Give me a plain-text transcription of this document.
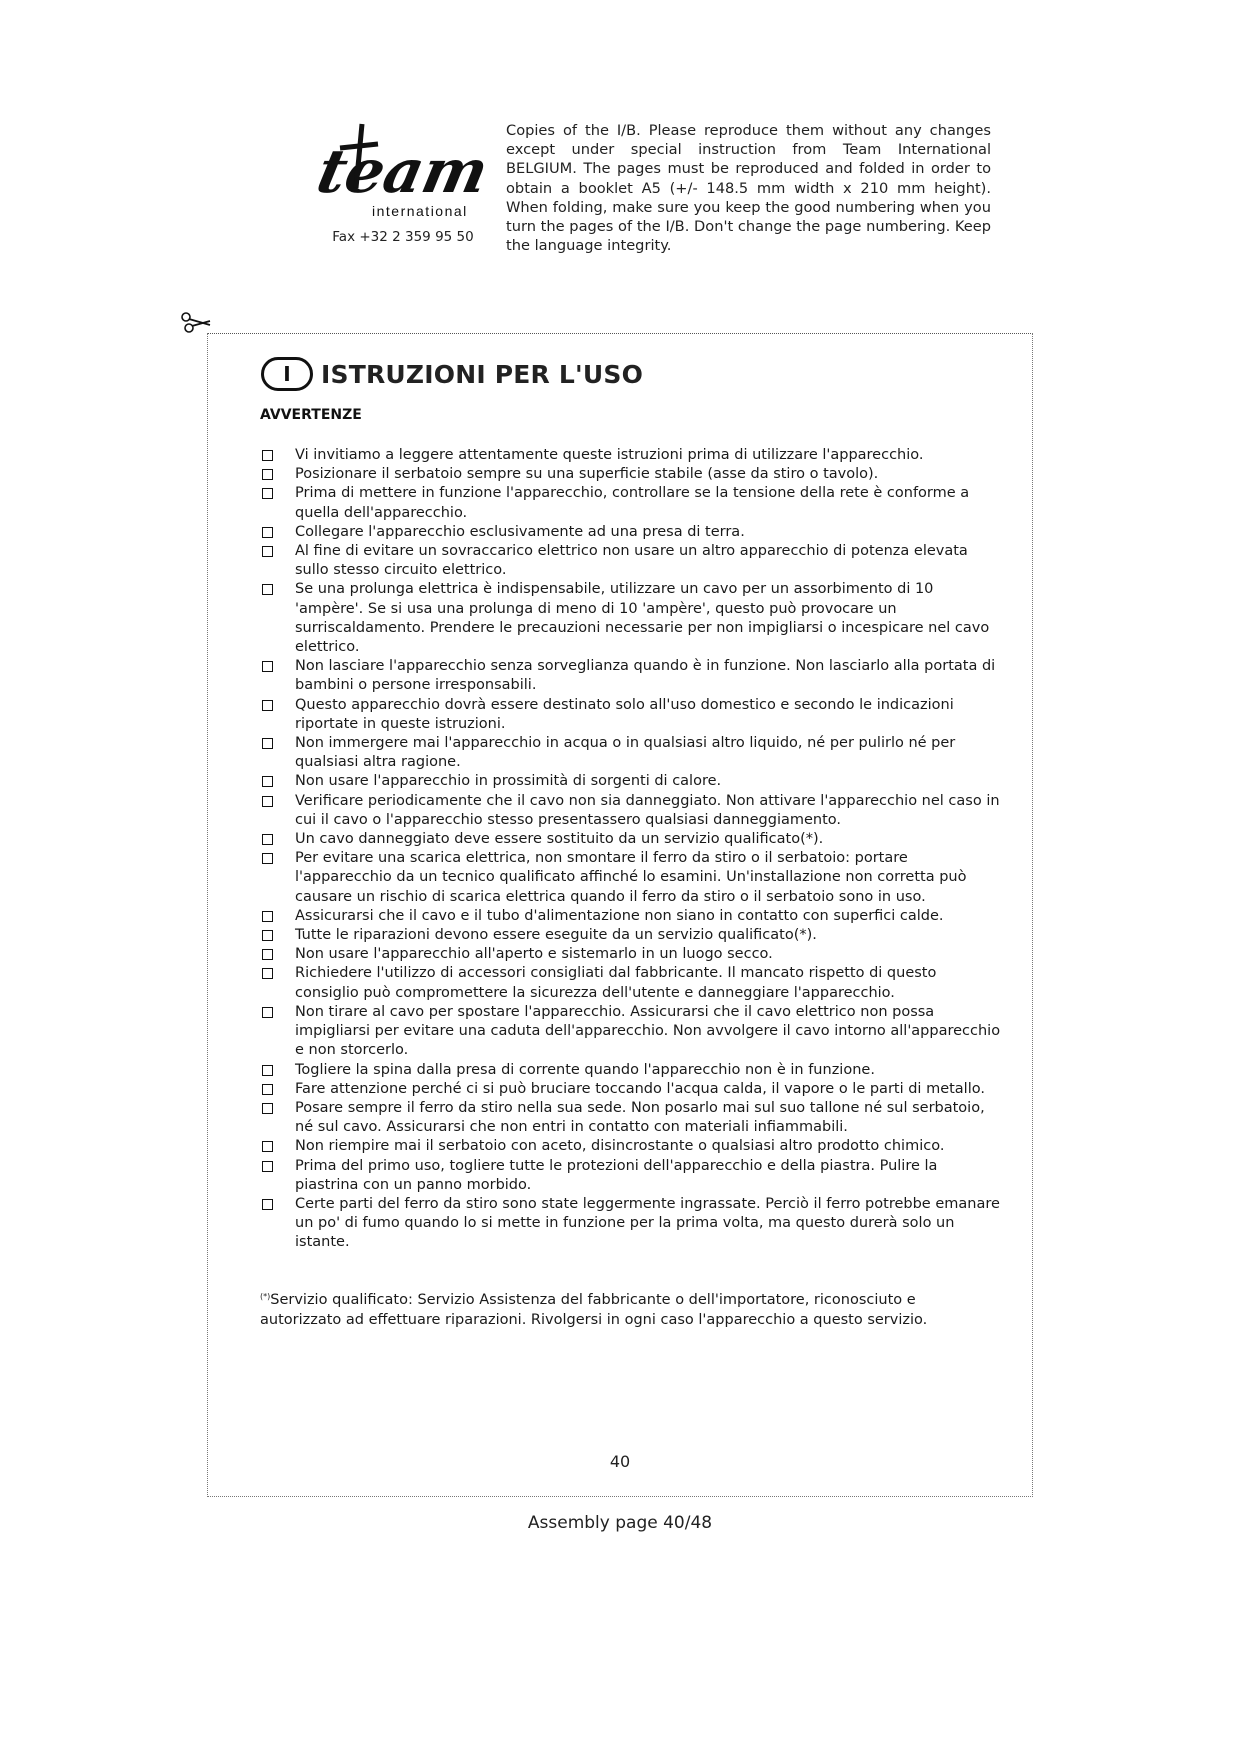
team
international
Fax +32 2 359 95 50
Copies of the I/B. Please reproduce them without any changes except under special instruction from Team International BELGIUM. The pages must be reproduced and folded in order to obtain a booklet A5 (+/- 148.5 mm width x 210 mm height). When folding, make sure you keep the good numbering when you turn the pages of the I/B. Don't change the page numbering. Keep the language integrity.
I	ISTRUZIONI PER L'USO
AVVERTENZE
Vi invitiamo a leggere attentamente queste istruzioni prima di utilizzare l'apparecchio.
Posizionare il serbatoio sempre su una superficie stabile (asse da stiro o tavolo).
Prima di mettere in funzione l'apparecchio, controllare se la tensione della rete è conforme a quella dell'apparecchio.
Collegare l'apparecchio esclusivamente ad una presa di terra.
Al fine di evitare un sovraccarico elettrico non usare un altro apparecchio di potenza elevata sullo stesso circuito elettrico.
Se una prolunga elettrica è indispensabile, utilizzare un cavo per un assorbimento di 10 'ampère'. Se si usa una prolunga di meno di 10 'ampère', questo può provocare un surriscaldamento. Prendere le precauzioni necessarie per non impigliarsi o incespicare nel cavo elettrico.
Non lasciare l'apparecchio senza sorveglianza quando è in funzione. Non lasciarlo alla portata di bambini o persone irresponsabili.
Questo apparecchio dovrà essere destinato solo all'uso domestico e secondo le indicazioni riportate in queste istruzioni.
Non immergere mai l'apparecchio in acqua o in qualsiasi altro liquido, né per pulirlo né per qualsiasi altra ragione.
Non usare l'apparecchio in prossimità di sorgenti di calore.
Verificare periodicamente che il cavo non sia danneggiato. Non attivare l'apparecchio nel caso in cui il cavo o l'apparecchio stesso presentassero qualsiasi danneggiamento.
Un cavo danneggiato deve essere sostituito da un servizio qualificato(*).
Per evitare una scarica elettrica, non smontare il ferro da stiro o il serbatoio: portare l'apparecchio da un tecnico qualificato affinché lo esamini. Un'installazione non corretta può causare un rischio di scarica elettrica quando il ferro da stiro o il serbatoio sono in uso.
Assicurarsi che il cavo e il tubo d'alimentazione non siano in contatto con superfici calde.
Tutte le riparazioni devono essere eseguite da un servizio qualificato(*).
Non usare l'apparecchio all'aperto e sistemarlo in un luogo secco.
Richiedere l'utilizzo di accessori consigliati dal fabbricante. Il mancato rispetto di questo consiglio può compromettere la sicurezza dell'utente e danneggiare l'apparecchio.
Non tirare al cavo per spostare l'apparecchio. Assicurarsi che il cavo elettrico non possa impigliarsi per evitare una caduta dell'apparecchio. Non avvolgere il cavo intorno all'apparecchio e non storcerlo.
Togliere la spina dalla presa di corrente quando l'apparecchio non è in funzione.
Fare attenzione perché ci si può bruciare toccando l'acqua calda, il vapore o le parti di metallo.
Posare sempre il ferro da stiro nella sua sede. Non posarlo mai sul suo tallone né sul serbatoio, né sul cavo. Assicurarsi che non entri in contatto con materiali infiammabili.
Non riempire mai il serbatoio con aceto, disincrostante o qualsiasi altro prodotto chimico.
Prima del primo uso, togliere tutte le protezioni dell'apparecchio e della piastra. Pulire la piastrina con un panno morbido.
Certe parti del ferro da stiro sono state leggermente ingrassate. Perciò il ferro potrebbe emanare un po' di fumo quando lo si mette in funzione per la prima volta, ma questo durerà solo un istante.
(*)Servizio qualificato: Servizio Assistenza del fabbricante o dell'importatore, riconosciuto e autorizzato ad effettuare riparazioni. Rivolgersi in ogni caso l'apparecchio a questo servizio.
40
Assembly page 40/48
